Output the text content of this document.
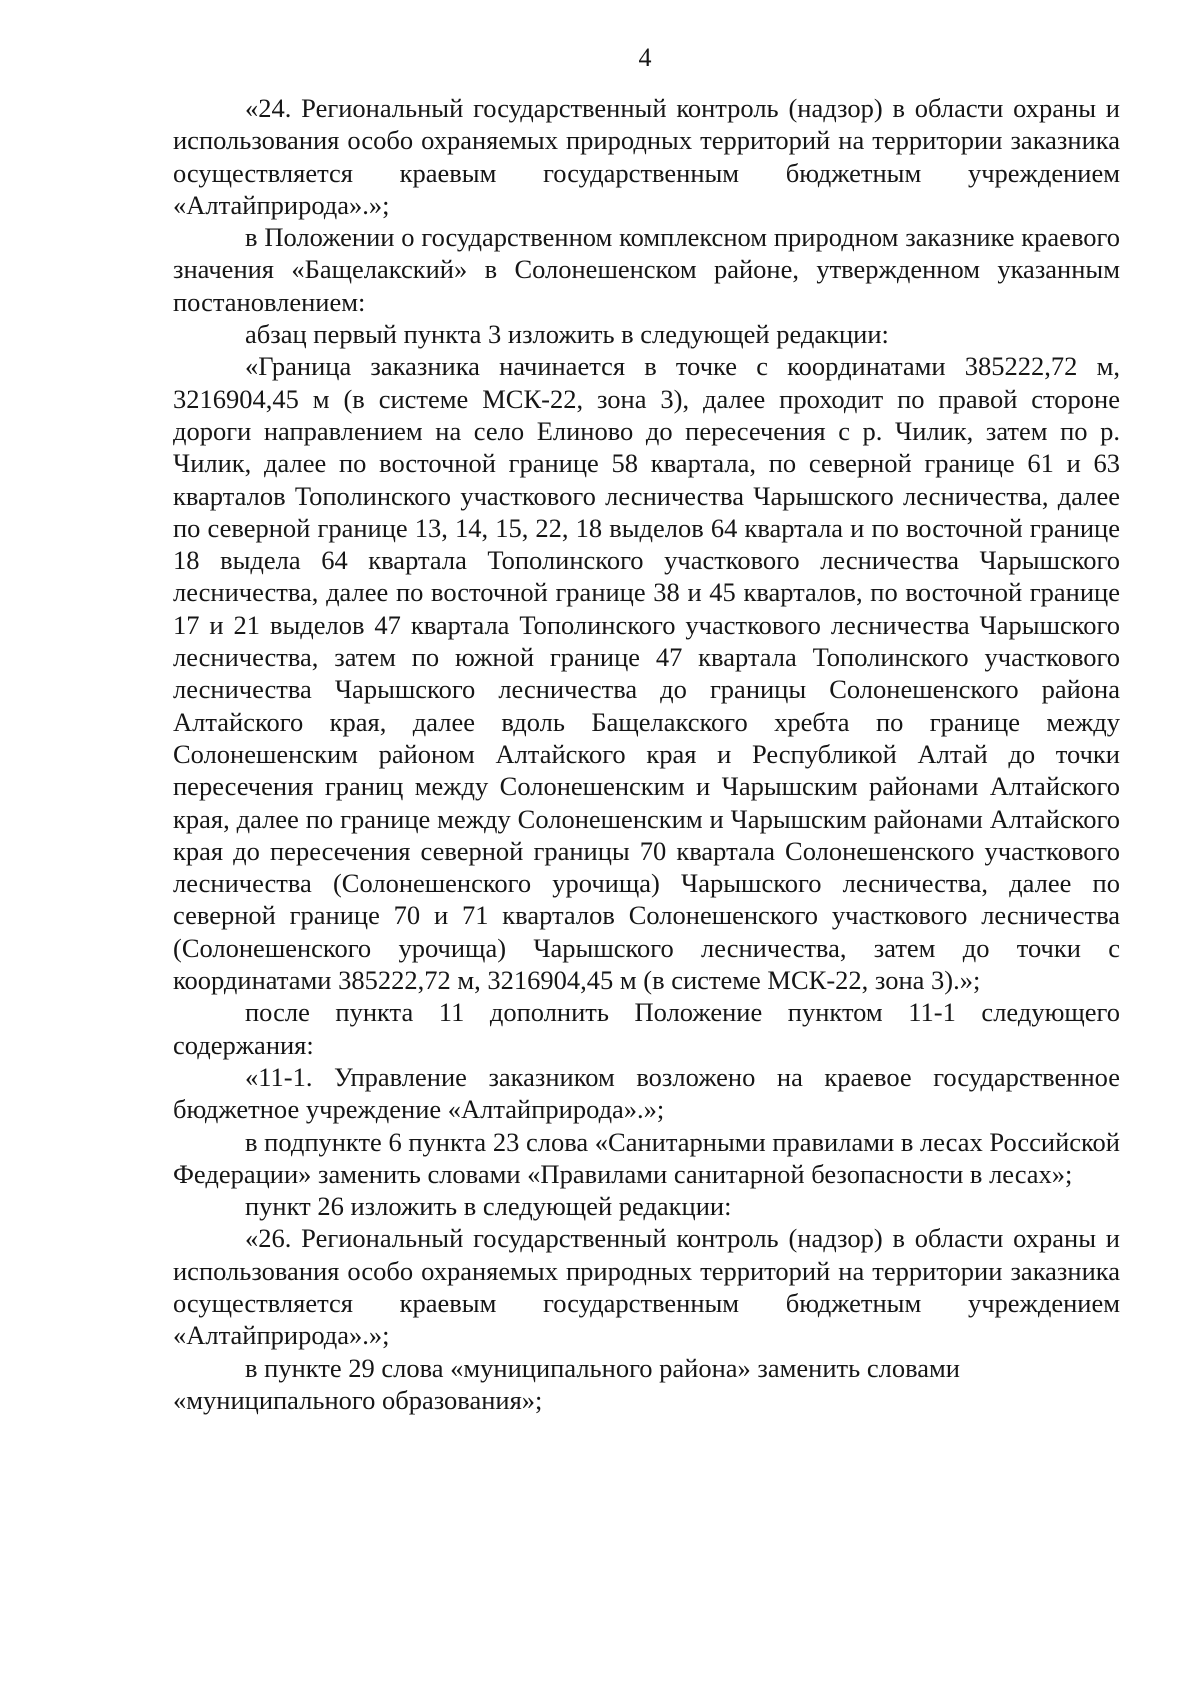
4

«24. Региональный государственный контроль (надзор) в области охраны и использования особо охраняемых природных территорий на территории заказника осуществляется краевым государственным бюджетным учреждением «Алтайприрода».»;

в Положении о государственном комплексном природном заказнике краевого значения «Бащелакский» в Солонешенском районе, утвержденном указанным постановлением:

абзац первый пункта 3 изложить в следующей редакции:

«Граница заказника начинается в точке с координатами 385222,72 м, 3216904,45 м (в системе МСК-22, зона 3), далее проходит по правой стороне дороги направлением на село Елиново до пересечения с р. Чилик, затем по р. Чилик, далее по восточной границе 58 квартала, по северной границе 61 и 63 кварталов Тополинского участкового лесничества Чарышского лесничества, далее по северной границе 13, 14, 15, 22, 18 выделов 64 квартала и по восточной границе 18 выдела 64 квартала Тополинского участкового лесничества Чарышского лесничества, далее по восточной границе 38 и 45 кварталов, по восточной границе 17 и 21 выделов 47 квартала Тополинского участкового лесничества Чарышского лесничества, затем по южной границе 47 квартала Тополинского участкового лесничества Чарышского лесничества до границы Солонешенского района Алтайского края, далее вдоль Бащелакского хребта по границе между Солонешенским районом Алтайского края и Республикой Алтай до точки пересечения границ между Солонешенским и Чарышским районами Алтайского края, далее по границе между Солонешенским и Чарышским районами Алтайского края до пересечения северной границы 70 квартала Солонешенского участкового лесничества (Солонешенского урочища) Чарышского лесничества, далее по северной границе 70 и 71 кварталов Солонешенского участкового лесничества (Солонешенского урочища) Чарышского лесничества, затем до точки с координатами 385222,72 м, 3216904,45 м (в системе МСК-22, зона 3).»;

после пункта 11 дополнить Положение пунктом 11-1 следующего содержания:

«11-1. Управление заказником возложено на краевое государственное бюджетное учреждение «Алтайприрода».»;

в подпункте 6 пункта 23 слова «Санитарными правилами в лесах Российской Федерации» заменить словами «Правилами санитарной безопасности в лесах»;

пункт 26 изложить в следующей редакции:

«26. Региональный государственный контроль (надзор) в области охраны и использования особо охраняемых природных территорий на территории заказника осуществляется краевым государственным бюджетным учреждением «Алтайприрода».»;

в пункте 29 слова «муниципального района» заменить словами «муниципального образования»;
